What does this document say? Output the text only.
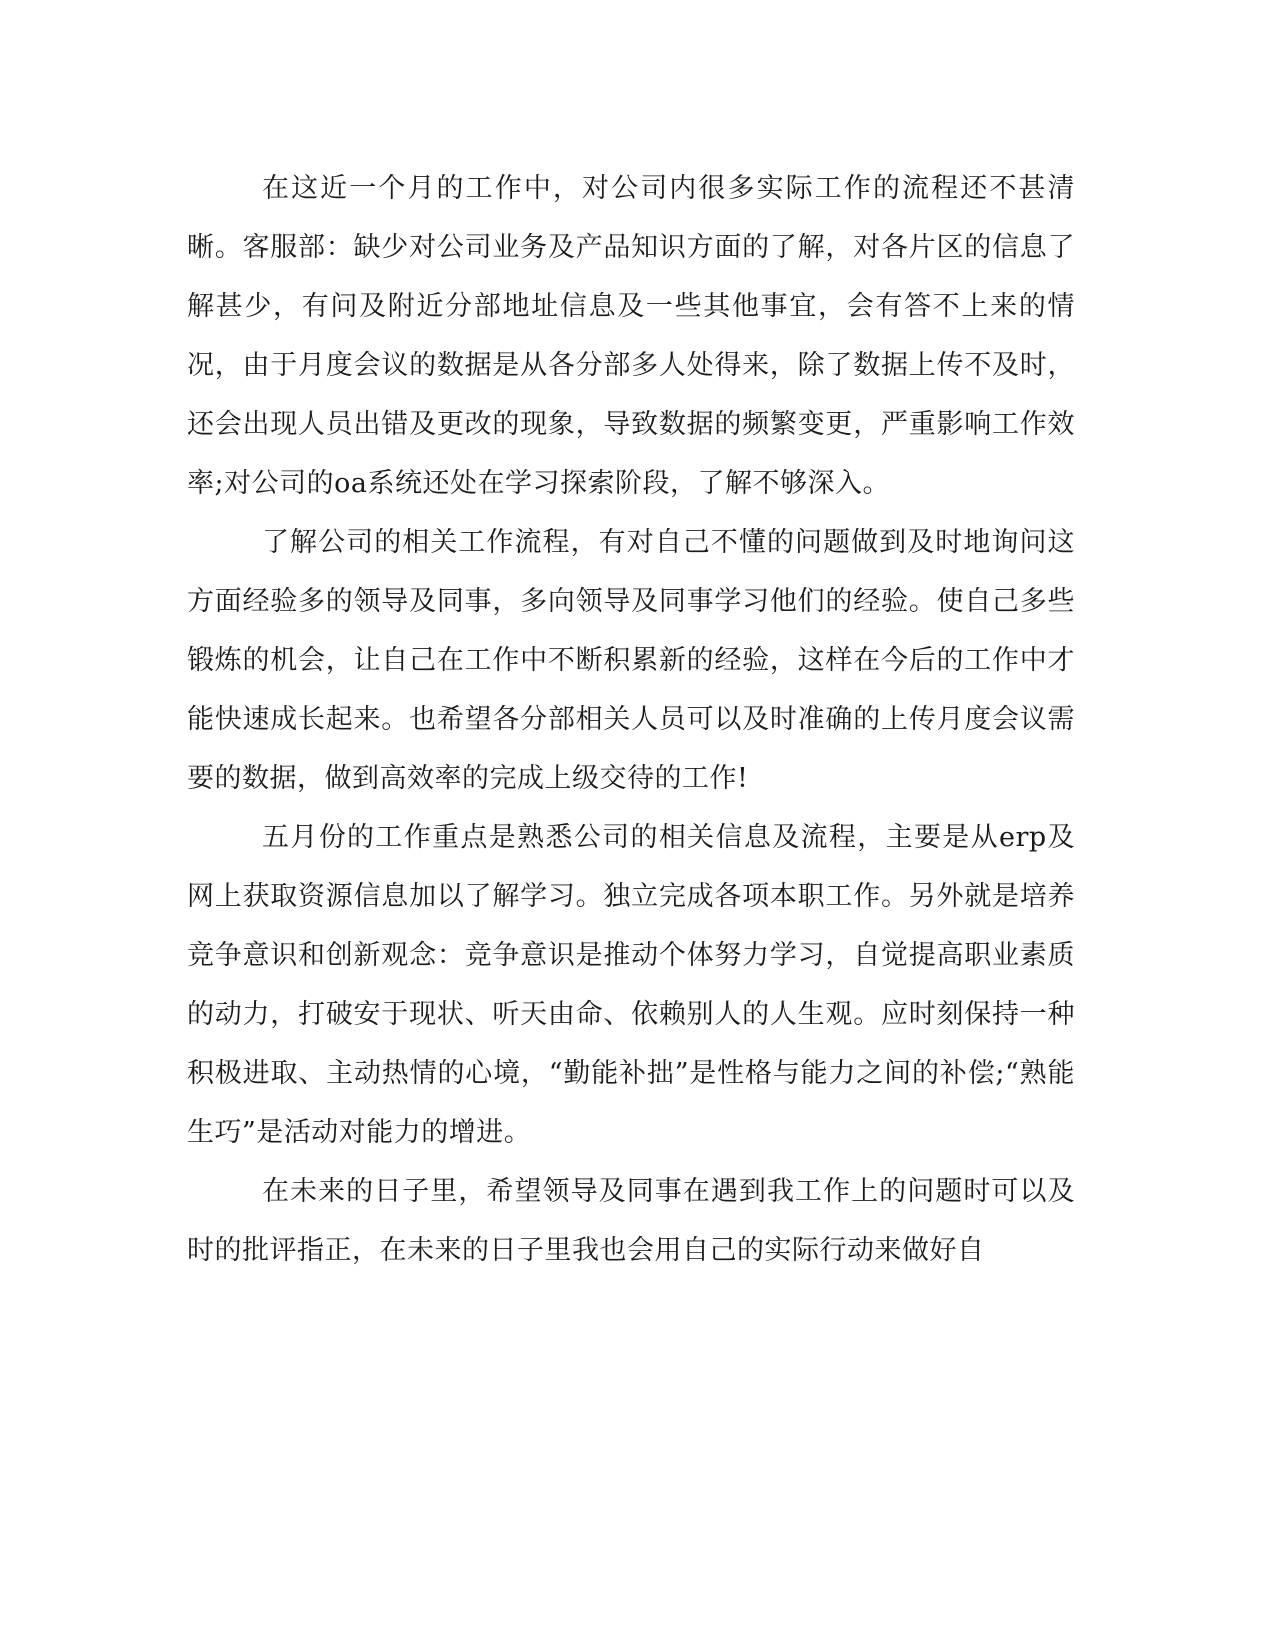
在这近一个月的工作中，对公司内很多实际工作的流程还不甚清晰。客服部：缺少对公司业务及产品知识方面的了解，对各片区的信息了解甚少，有问及附近分部地址信息及一些其他事宜，会有答不上来的情况，由于月度会议的数据是从各分部多人处得来，除了数据上传不及时，还会出现人员出错及更改的现象，导致数据的频繁变更，严重影响工作效率;对公司的oa系统还处在学习探索阶段，了解不够深入。

了解公司的相关工作流程，有对自己不懂的问题做到及时地询问这方面经验多的领导及同事，多向领导及同事学习他们的经验。使自己多些锻炼的机会，让自己在工作中不断积累新的经验，这样在今后的工作中才能快速成长起来。也希望各分部相关人员可以及时准确的上传月度会议需要的数据，做到高效率的完成上级交待的工作!

五月份的工作重点是熟悉公司的相关信息及流程，主要是从erp及网上获取资源信息加以了解学习。独立完成各项本职工作。另外就是培养竞争意识和创新观念：竞争意识是推动个体努力学习，自觉提高职业素质的动力，打破安于现状、听天由命、依赖别人的人生观。应时刻保持一种积极进取、主动热情的心境，“勤能补拙”是性格与能力之间的补偿;“熟能生巧”是活动对能力的增进。

在未来的日子里，希望领导及同事在遇到我工作上的问题时可以及时的批评指正，在未来的日子里我也会用自己的实际行动来做好自
